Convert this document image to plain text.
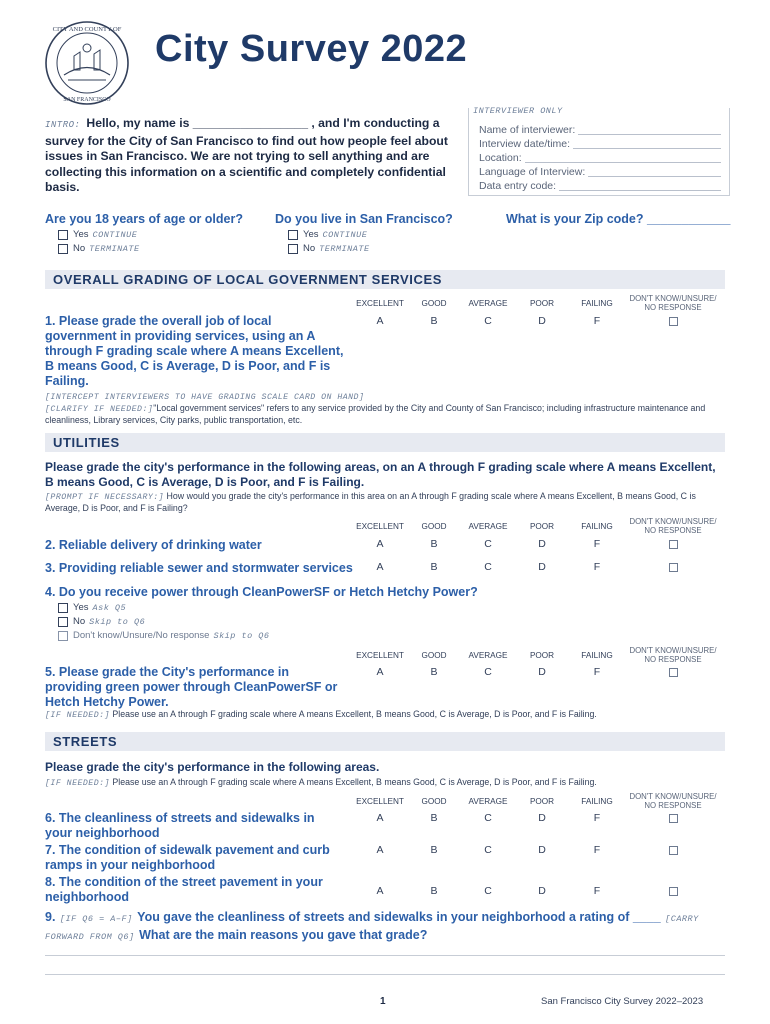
CITY AND COUNTY OF
SAN FRANCISCO
City Survey 2022
INTRO: Hello, my name is _________________ , and I'm conducting a survey for the City of San Francisco to find out how people feel about issues in San Francisco. We are not trying to sell anything and are collecting this information on a scientific and completely confidential basis.
INTERVIEWER ONLY
Name of interviewer:
Interview date/time:
Location:
Language of Interview:
Data entry code:
Are you 18 years of age or older?	Do you live in San Francisco?	What is your Zip code? ____________
Yes CONTINUE
No TERMINATE
Yes CONTINUE
No TERMINATE
OVERALL GRADING OF LOCAL GOVERNMENT SERVICES
EXCELLENT	GOOD	AVERAGE	POOR	FAILING
DON'T KNOW/UNSURE/
NO RESPONSE
1. Please grade the overall job of local government in providing services, using an A through F grading scale where A means Excellent, B means Good, C is Average, D is Poor, and F is Failing.
A	B	C	D	F
[INTERCEPT INTERVIEWERS TO HAVE GRADING SCALE CARD ON HAND]
[CLARIFY IF NEEDED:]"Local government services" refers to any service provided by the City and County of San Francisco; including infrastructure maintenance and cleanliness, Library services, City parks, public transportation, etc.
UTILITIES
Please grade the city's performance in the following areas, on an A through F grading scale where A means Excellent, B means Good, C is Average, D is Poor, and F is Failing.
[PROMPT IF NECESSARY:] How would you grade the city's performance in this area on an A through F grading scale where A means Excellent, B means Good, C is Average, D is Poor, and F is Failing?
EXCELLENT	GOOD	AVERAGE	POOR	FAILING
DON'T KNOW/UNSURE/
NO RESPONSE
2. Reliable delivery of drinking water	A	B	C	D	F
3. Providing reliable sewer and stormwater services	A	B	C	D	F
4. Do you receive power through CleanPowerSF or Hetch Hetchy Power?
Yes Ask Q5
No Skip to Q6
Don't know/Unsure/No response Skip to Q6
EXCELLENT	GOOD	AVERAGE	POOR	FAILING
DON'T KNOW/UNSURE/
NO RESPONSE
5. Please grade the City's performance in providing green power through CleanPowerSF or Hetch Hetchy Power.
A	B	C	D	F
[IF NEEDED:] Please use an A through F grading scale where A means Excellent, B means Good, C is Average, D is Poor, and F is Failing.
STREETS
Please grade the city's performance in the following areas.
[IF NEEDED:] Please use an A through F grading scale where A means Excellent, B means Good, C is Average, D is Poor, and F is Failing.
EXCELLENT	GOOD	AVERAGE	POOR	FAILING
DON'T KNOW/UNSURE/
NO RESPONSE
6. The cleanliness of streets and sidewalks in your neighborhood
A	B	C	D	F
7. The condition of sidewalk pavement and curb ramps in your neighborhood
A	B	C	D	F
8. The condition of the street pavement in your neighborhood	A	B	C	D	F
9. [IF Q6 = A–F] You gave the cleanliness of streets and sidewalks in your neighborhood a rating of ____ [CARRY FORWARD FROM Q6] What are the main reasons you gave that grade?
1	San Francisco City Survey 2022–2023
